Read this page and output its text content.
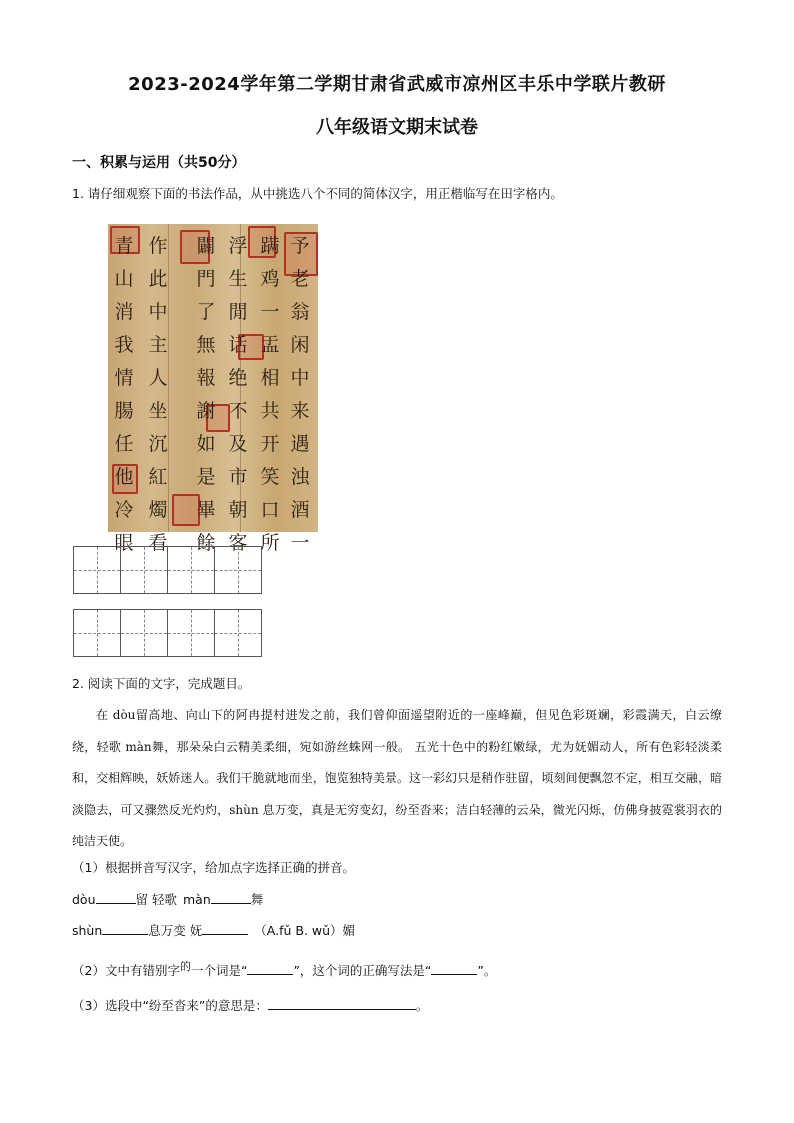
2023-2024学年第二学期甘肃省武威市凉州区丰乐中学联片教研
八年级语文期末试卷
一、积累与运用（共50分）
1. 请仔细观察下面的书法作品，从中挑选八个不同的简体汉字，用正楷临写在田字格内。
予
老
翁
闲
中
来
遇
浊
酒
一
蹒
鸡
一
盂
相
共
开
笑
口
所
浮
生
閒
话
绝
不
及
市
朝
客
闢
門
了
無
報
謝
如
是
畢
餘
作
此
中
主
人
坐
沉
紅
燭
看
青
山
消
我
情
腸
任
他
冷
眼
2. 阅读下面的文字，完成题目。
在 dòu留高地、向山下的阿冉提村进发之前，我们曾仰面遥望附近的一座峰巅，但见色彩斑斓，彩霞满天，白云缭绕，轻歌 màn舞，那朵朵白云精美柔细，宛如游丝蛛网一般。 五光十色中的粉红嫩绿，尤为妩媚动人，所有色彩轻淡柔和，交相辉映，妖娇迷人。我们干脆就地而坐，饱览独特美景。这一彩幻只是稍作驻留，顷刻间便飘忽不定，相互交融，暗淡隐去，可又骤然反光灼灼，shùn 息万变，真是无穷变幻，纷至沓来；洁白轻薄的云朵，微光闪烁，仿佛身披霓裳羽衣的纯洁天使。
（1）根据拼音写汉字，给加点字选择正确的拼音。
dòu	留 轻歌 màn	舞
shùn	息万变 妩	（A.fǔ B. wǔ）媚
（2）文中有错别字的一个词是“	”，这个词的正确写法是“	”。
（3）选段中“纷至沓来”的意思是：	。
